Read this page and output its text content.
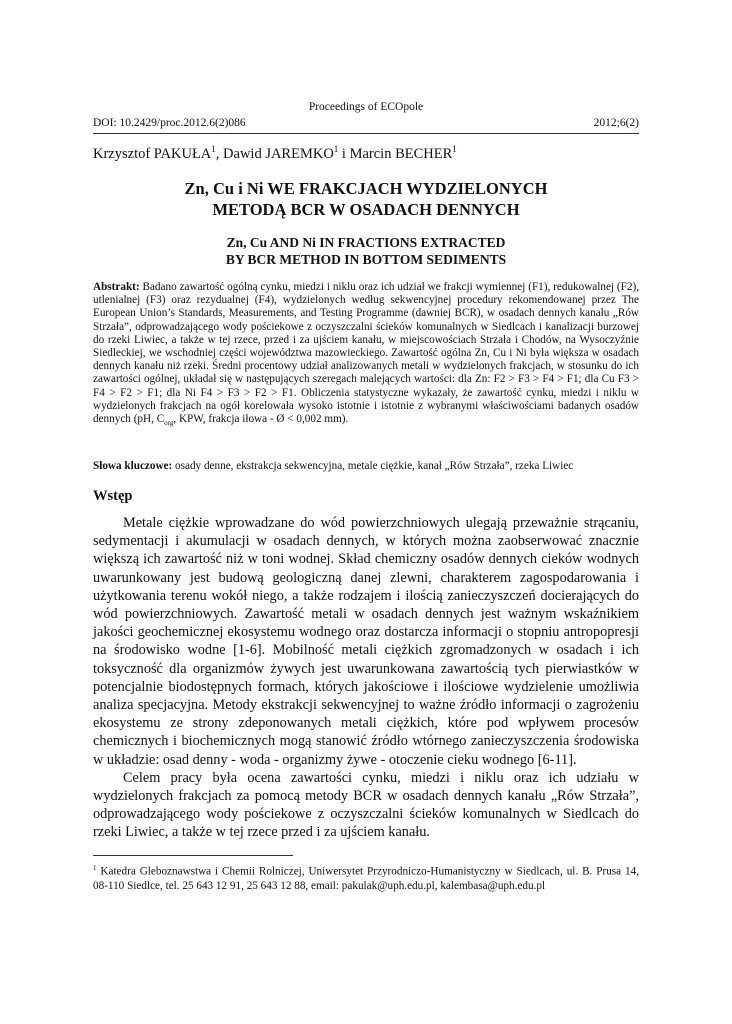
Proceedings of ECOpole
DOI: 10.2429/proc.2012.6(2)086	2012;6(2)
Krzysztof PAKUŁA$^1$, Dawid JAREMKO$^1$ i Marcin BECHER$^1$
Zn, Cu i Ni WE FRAKCJACH WYDZIELONYCH
METODĄ BCR W OSADACH DENNYCH
Zn, Cu AND Ni IN FRACTIONS EXTRACTED
BY BCR METHOD IN BOTTOM SEDIMENTS
Abstrakt: Badano zawartość ogólną cynku, miedzi i niklu oraz ich udział we frakcji wymiennej (F1), redukowalnej (F2), utlenialnej (F3) oraz rezydualnej (F4), wydzielonych według sekwencyjnej procedury rekomendowanej przez The European Union’s Standards, Measurements, and Testing Programme (dawniej BCR), w osadach dennych kanału „Rów Strzała”, odprowadzającego wody pościekowe z oczyszczalni ścieków komunalnych w Siedlcach i kanalizacji burzowej do rzeki Liwiec, a także w tej rzece, przed i za ujściem kanału, w miejscowościach Strzała i Chodów, na Wysoczyźnie Siedleckiej, we wschodniej części województwa mazowieckiego. Zawartość ogólna Zn, Cu i Ni była większa w osadach dennych kanału niż rzeki. Średni procentowy udział analizowanych metali w wydzielonych frakcjach, w stosunku do ich zawartości ogólnej, układał się w następujących szeregach malejących wartości: dla Zn: F2 > F3 > F4 > F1; dla Cu F3 > F4 > F2 > F1; dla Ni F4 > F3 > F2 > F1. Obliczenia statystyczne wykazały, że zawartość cynku, miedzi i niklu w wydzielonych frakcjach na ogół korelowała wysoko istotnie i istotnie z wybranymi właściwościami badanych osadów dennych (pH, $C_{org}$, KPW, frakcja iłowa - Ø < 0,002 mm).
Słowa kluczowe: osady denne, ekstrakcja sekwencyjna, metale ciężkie, kanał „Rów Strzała”, rzeka Liwiec
Wstęp

Metale ciężkie wprowadzane do wód powierzchniowych ulegają przeważnie strącaniu, sedymentacji i akumulacji w osadach dennych, w których można zaobserwować znacznie większą ich zawartość niż w toni wodnej. Skład chemiczny osadów dennych cieków wodnych uwarunkowany jest budową geologiczną danej zlewni, charakterem zagospodarowania i użytkowania terenu wokół niego, a także rodzajem i ilością zanieczyszczeń docierających do wód powierzchniowych. Zawartość metali w osadach dennych jest ważnym wskaźnikiem jakości geochemicznej ekosystemu wodnego oraz dostarcza informacji o stopniu antropopresji na środowisko wodne [1-6]. Mobilność metali ciężkich zgromadzonych w osadach i ich toksyczność dla organizmów żywych jest uwarunkowana zawartością tych pierwiastków w potencjalnie biodostępnych formach, których jakościowe i ilościowe wydzielenie umożliwia analiza specjacyjna. Metody ekstrakcji sekwencyjnej to ważne źródło informacji o zagrożeniu ekosystemu ze strony zdeponowanych metali ciężkich, które pod wpływem procesów chemicznych i biochemicznych mogą stanowić źródło wtórnego zanieczyszczenia środowiska w układzie: osad denny - woda - organizmy żywe - otoczenie cieku wodnego [6-11].

Celem pracy była ocena zawartości cynku, miedzi i niklu oraz ich udziału w wydzielonych frakcjach za pomocą metody BCR w osadach dennych kanału „Rów Strzała”, odprowadzającego wody pościekowe z oczyszczalni ścieków komunalnych w Siedlcach do rzeki Liwiec, a także w tej rzece przed i za ujściem kanału.

$^1$ Katedra Gleboznawstwa i Chemii Rolniczej, Uniwersytet Przyrodniczo-Humanistyczny w Siedlcach, ul. B. Prusa 14, 08-110 Siedlce, tel. 25 643 12 91, 25 643 12 88, email: pakulak@uph.edu.pl, kalembasa@uph.edu.pl
